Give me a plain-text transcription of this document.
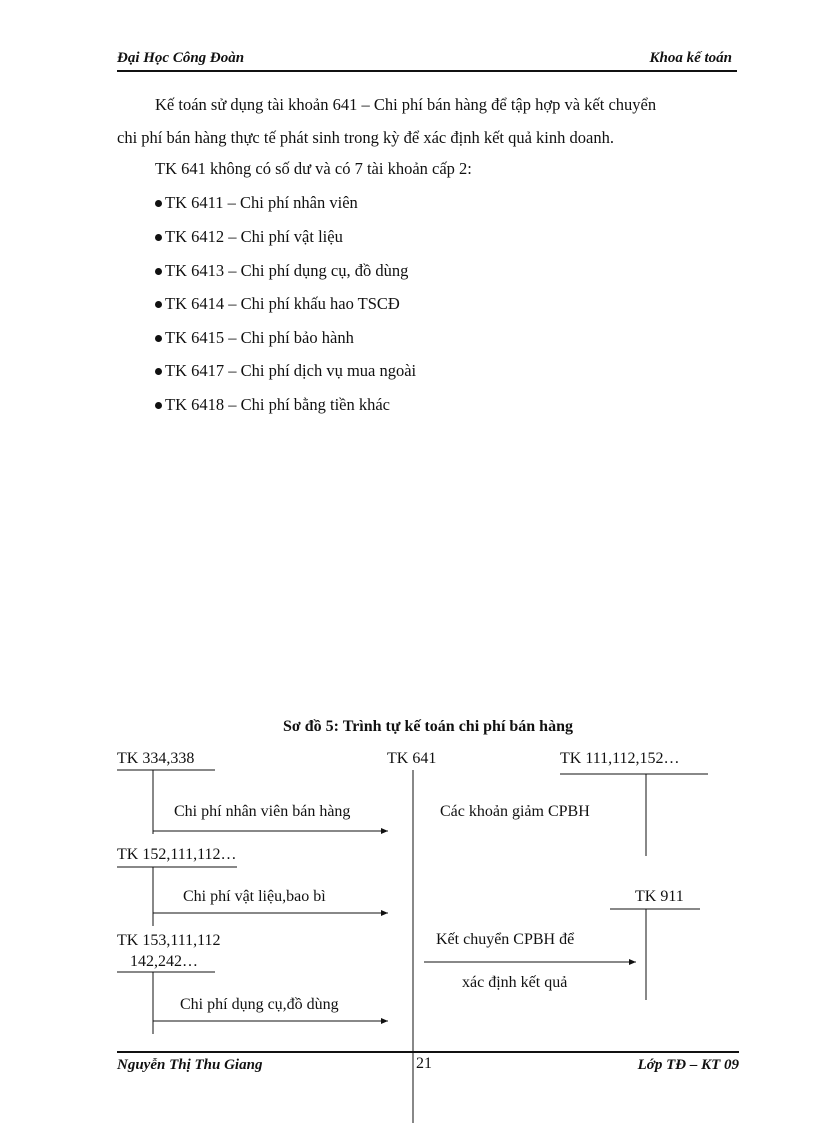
Đại Học Công Đoàn	Khoa kế toán
Kế toán sử dụng tài khoản 641 – Chi phí bán hàng để tập hợp và kết chuyển
chi phí bán hàng thực tế phát sinh trong kỳ để xác định kết quả kinh doanh.
TK 641 không có số dư và có 7 tài khoản cấp 2:
TK 6411 – Chi phí nhân viên
TK 6412 – Chi phí vật liệu
TK 6413 – Chi phí dụng cụ, đồ dùng
TK 6414 – Chi phí khấu hao TSCĐ
TK 6415 – Chi phí bảo hành
TK 6417 – Chi phí dịch vụ mua ngoài
TK 6418 – Chi phí bằng tiền khác
Sơ đồ 5: Trình tự kế toán chi phí bán hàng
TK 334,338	TK 641	TK 111,112,152…
TK 152,111,112…
TK 911
TK 153,111,112
142,242…
Chi phí nhân viên bán hàng	Các khoản giảm CPBH
Chi phí vật liệu,bao bì
Kết chuyển CPBH để
xác định kết quả
Chi phí dụng cụ,đồ dùng
Nguyễn Thị Thu Giang	21	Lớp TĐ – KT 09
